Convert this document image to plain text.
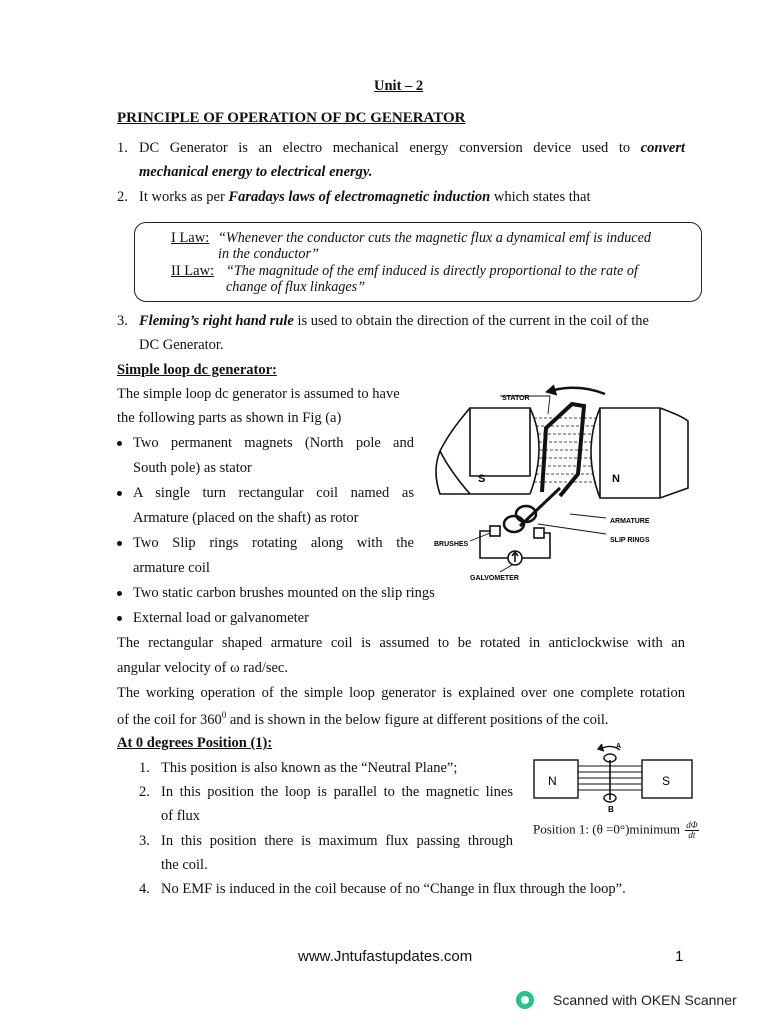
Unit – 2
PRINCIPLE OF OPERATION OF DC GENERATOR
1. DC Generator is an electro mechanical energy conversion device used to convert
mechanical energy to electrical energy.
2. It works as per Faradays laws of electromagnetic induction which states that
I Law: “Whenever the conductor cuts the magnetic flux a dynamical emf is induced
in the conductor”
II Law: “The magnitude of the emf induced is directly proportional to the rate of
change of flux linkages”
3. Fleming’s right hand rule is used to obtain the direction of the current in the coil of the
DC Generator.
Simple loop dc generator:
The simple loop dc generator is assumed to have
the following parts as shown in Fig (a)
Two permanent magnets (North pole and
South pole) as stator
A single turn rectangular coil named as
Armature (placed on the shaft) as rotor
Two Slip rings rotating along with the
armature coil
Two static carbon brushes mounted on the slip rings
External load or galvanometer
STATOR
S	N
ARMATURE
SLIP RINGS
BRUSHES
GALVOMETER
The rectangular shaped armature coil is assumed to be rotated in anticlockwise with an
angular velocity of ω rad/sec.
The working operation of the simple loop generator is explained over one complete rotation
of the coil for $360^0$ and is shown in the below figure at different positions of the coil.
At 0 degrees Position (1):
1. This position is also known as the “Neutral Plane”;
2. In this position the loop is parallel to the magnetic lines
of flux
3. In this position there is maximum flux passing through
the coil.
4. No EMF is induced in the coil because of no “Change in flux through the loop”.
N	S
A
B
Position 1: (θ =0°)minimum $\frac{d\Phi}{dt}$
www.Jntufastupdates.com	1
Scanned with OKEN Scanner
